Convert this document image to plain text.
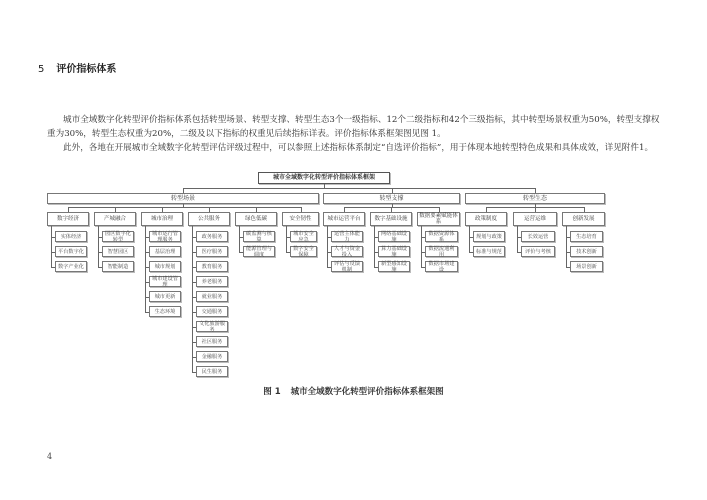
5 评价指标体系
城市全域数字化转型评价指标体系包括转型场景、转型支撑、转型生态3个一级指标、12个二级指标和42个三级指标，其中转型场景权重为50%，转型支撑权重为30%，转型生态权重为20%，二级及以下指标的权重见后续指标详表。评价指标体系框架图见图 1。
此外，各地在开展城市全域数字化转型评估评级过程中，可以参照上述指标体系制定“自选评价指标”，用于体现本地转型特色成果和具体成效，详见附件1。
城市全域数字化转型评价指标体系框架
转型场景	转型支撑	转型生态
数字经济
实体经济
平台数字化
数字产业化
产城融合
园区数字化转型
智慧园区
智能制造
城市治理
城市运行管理服务
基层治理
城市规划
城市建设管理
城市更新
生态环境
公共服务
政务服务
医疗服务
教育服务
养老服务
就业服务
交通服务
文化旅游服务
社区服务
金融服务
民生服务
绿色低碳
碳监测与核算
能源管理与调度
安全韧性
城市安全应急
数字安全保障
城市运营平台
运营主体能力
人才与资金投入
评估与反馈机制
数字基础设施
网络基础设施
算力基础设施
新型感知设施
数据要素赋能体系
数据资源体系
数据流通利用
数据市场建设
政策制度
规划与政策
标准与规范
运营运维
长效运营
评价与考核
创新发展
生态培育
技术创新
场景创新
图 1 城市全域数字化转型评价指标体系框架图
4
